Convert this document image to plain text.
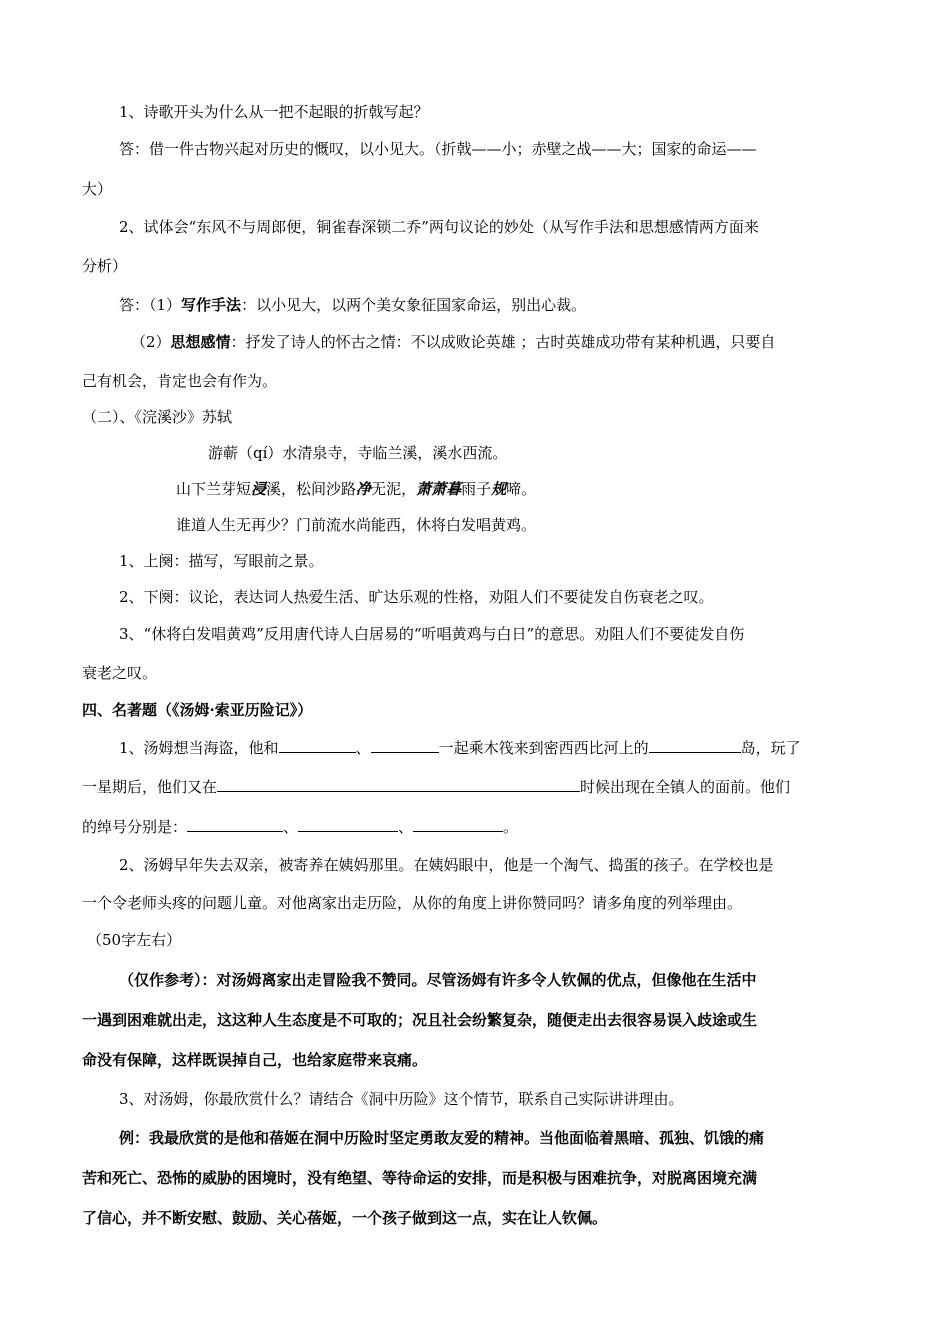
1、诗歌开头为什么从一把不起眼的折戟写起？
答：借一件古物兴起对历史的慨叹，以小见大。（折戟——小；赤壁之战——大；国家的命运——
大）
2、试体会“东风不与周郎便，铜雀春深锁二乔”两句议论的妙处（从写作手法和思想感情两方面来
分析）
答：（1）写作手法：以小见大，以两个美女象征国家命运，别出心裁。
（2）思想感情：抒发了诗人的怀古之情：不以成败论英雄 ；古时英雄成功带有某种机遇，只要自
己有机会，肯定也会有作为。
（二）、《浣溪沙》苏轼
游蕲（qí）水清泉寺，寺临兰溪，溪水西流。
山下兰芽短浸溪，松间沙路净无泥，萧萧暮雨子规啼。
谁道人生无再少？门前流水尚能西，休将白发唱黄鸡。
1、上阕：描写，写眼前之景。
2、下阕：议论，表达词人热爱生活、旷达乐观的性格，劝阻人们不要徒发自伤衰老之叹。
3、“休将白发唱黄鸡”反用唐代诗人白居易的“听唱黄鸡与白日”的意思。劝阻人们不要徒发自伤
衰老之叹。
四、名著题（《汤姆·索亚历险记》）
1、汤姆想当海盗，他和	、	一起乘木筏来到密西西比河上的	岛，玩了
一星期后，他们又在	时候出现在全镇人的面前。他们
的绰号分别是：	、	、	。
2、汤姆早年失去双亲，被寄养在姨妈那里。在姨妈眼中，他是一个淘气、捣蛋的孩子。在学校也是
一个令老师头疼的问题儿童。对他离家出走历险，从你的角度上讲你赞同吗？请多角度的列举理由。
（50字左右）
（仅作参考）：对汤姆离家出走冒险我不赞同。尽管汤姆有许多令人钦佩的优点，但像他在生活中
一遇到困难就出走，这这种人生态度是不可取的；况且社会纷繁复杂，随便走出去很容易误入歧途或生
命没有保障，这样既误掉自己，也给家庭带来哀痛。
3、对汤姆，你最欣赏什么？请结合《洞中历险》这个情节，联系自己实际讲讲理由。
例：我最欣赏的是他和蓓姬在洞中历险时坚定勇敢友爱的精神。当他面临着黑暗、孤独、饥饿的痛
苦和死亡、恐怖的威胁的困境时，没有绝望、等待命运的安排，而是积极与困难抗争，对脱离困境充满
了信心，并不断安慰、鼓励、关心蓓姬，一个孩子做到这一点，实在让人钦佩。
